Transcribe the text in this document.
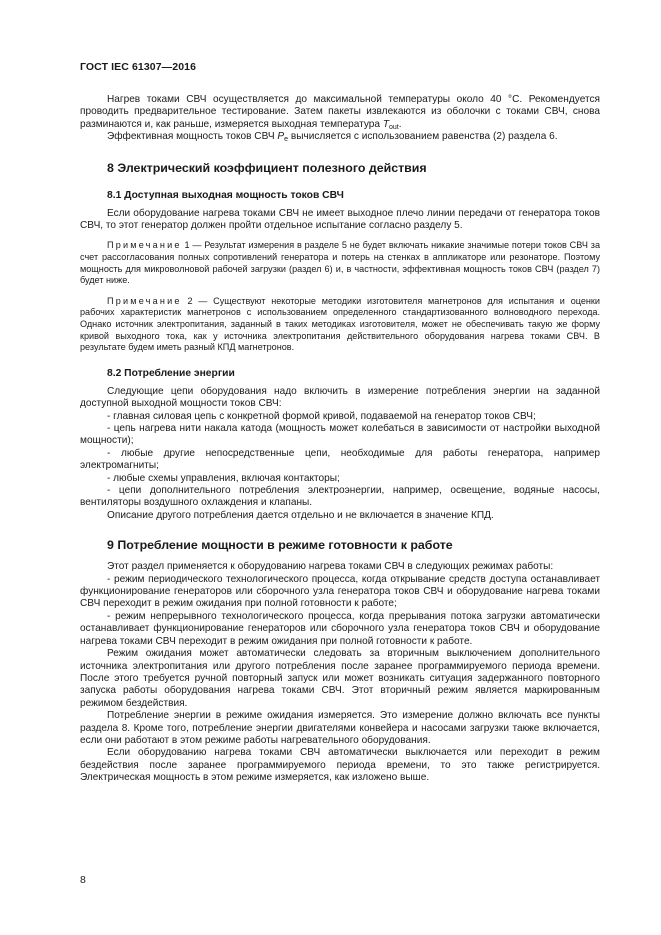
ГОСТ IEC 61307—2016

Нагрев токами СВЧ осуществляется до максимальной температуры около 40 °C. Рекомендуется проводить предварительное тестирование. Затем пакеты извлекаются из оболочки с токами СВЧ, снова разминаются и, как раньше, измеряется выходная температура $T_{out}$.

Эффективная мощность токов СВЧ $P_e$ вычисляется с использованием равенства (2) раздела 6.

8 Электрический коэффициент полезного действия
8.1 Доступная выходная мощность токов СВЧ

Если оборудование нагрева токами СВЧ не имеет выходное плечо линии передачи от генератора токов СВЧ, то этот генератор должен пройти отдельное испытание согласно разделу 5.

Примечание 1 — Результат измерения в разделе 5 не будет включать никакие значимые потери токов СВЧ за счет рассогласования полных сопротивлений генератора и потерь на стенках в аппликаторе или резонаторе. Поэтому мощность для микроволновой рабочей загрузки (раздел 6) и, в частности, эффективная мощность токов СВЧ (раздел 7) будет ниже.

Примечание 2 — Существуют некоторые методики изготовителя магнетронов для испытания и оценки рабочих характеристик магнетронов с использованием определенного стандартизованного волноводного перехода. Однако источник электропитания, заданный в таких методиках изготовителя, может не обеспечивать такую же форму кривой выходного тока, как у источника электропитания действительного оборудования нагрева токами СВЧ. В результате будем иметь разный КПД магнетронов.

8.2 Потребление энергии

Следующие цепи оборудования надо включить в измерение потребления энергии на заданной доступной выходной мощности токов СВЧ:

- главная силовая цепь с конкретной формой кривой, подаваемой на генератор токов СВЧ;

- цепь нагрева нити накала катода (мощность может колебаться в зависимости от настройки выходной мощности);

- любые другие непосредственные цепи, необходимые для работы генератора, например электромагниты;

- любые схемы управления, включая контакторы;

- цепи дополнительного потребления электроэнергии, например, освещение, водяные насосы, вентиляторы воздушного охлаждения и клапаны.

Описание другого потребления дается отдельно и не включается в значение КПД.

9 Потребление мощности в режиме готовности к работе

Этот раздел применяется к оборудованию нагрева токами СВЧ в следующих режимах работы:

- режим периодического технологического процесса, когда открывание средств доступа останавливает функционирование генераторов или сборочного узла генератора токов СВЧ и оборудование нагрева токами СВЧ переходит в режим ожидания при полной готовности к работе;

- режим непрерывного технологического процесса, когда прерывания потока загрузки автоматически останавливает функционирование генераторов или сборочного узла генератора токов СВЧ и оборудование нагрева токами СВЧ переходит в режим ожидания при полной готовности к работе.

Режим ожидания может автоматически следовать за вторичным выключением дополнительного источника электропитания или другого потребления после заранее программируемого периода времени. После этого требуется ручной повторный запуск или может возникать ситуация задержанного повторного запуска работы оборудования нагрева токами СВЧ. Этот вторичный режим является маркированным режимом бездействия.

Потребление энергии в режиме ожидания измеряется. Это измерение должно включать все пункты раздела 8. Кроме того, потребление энергии двигателями конвейера и насосами загрузки также включается, если они работают в этом режиме работы нагревательного оборудования.

Если оборудованию нагрева токами СВЧ автоматически выключается или переходит в режим бездействия после заранее программируемого периода времени, то это также регистрируется. Электрическая мощность в этом режиме измеряется, как изложено выше.

8
